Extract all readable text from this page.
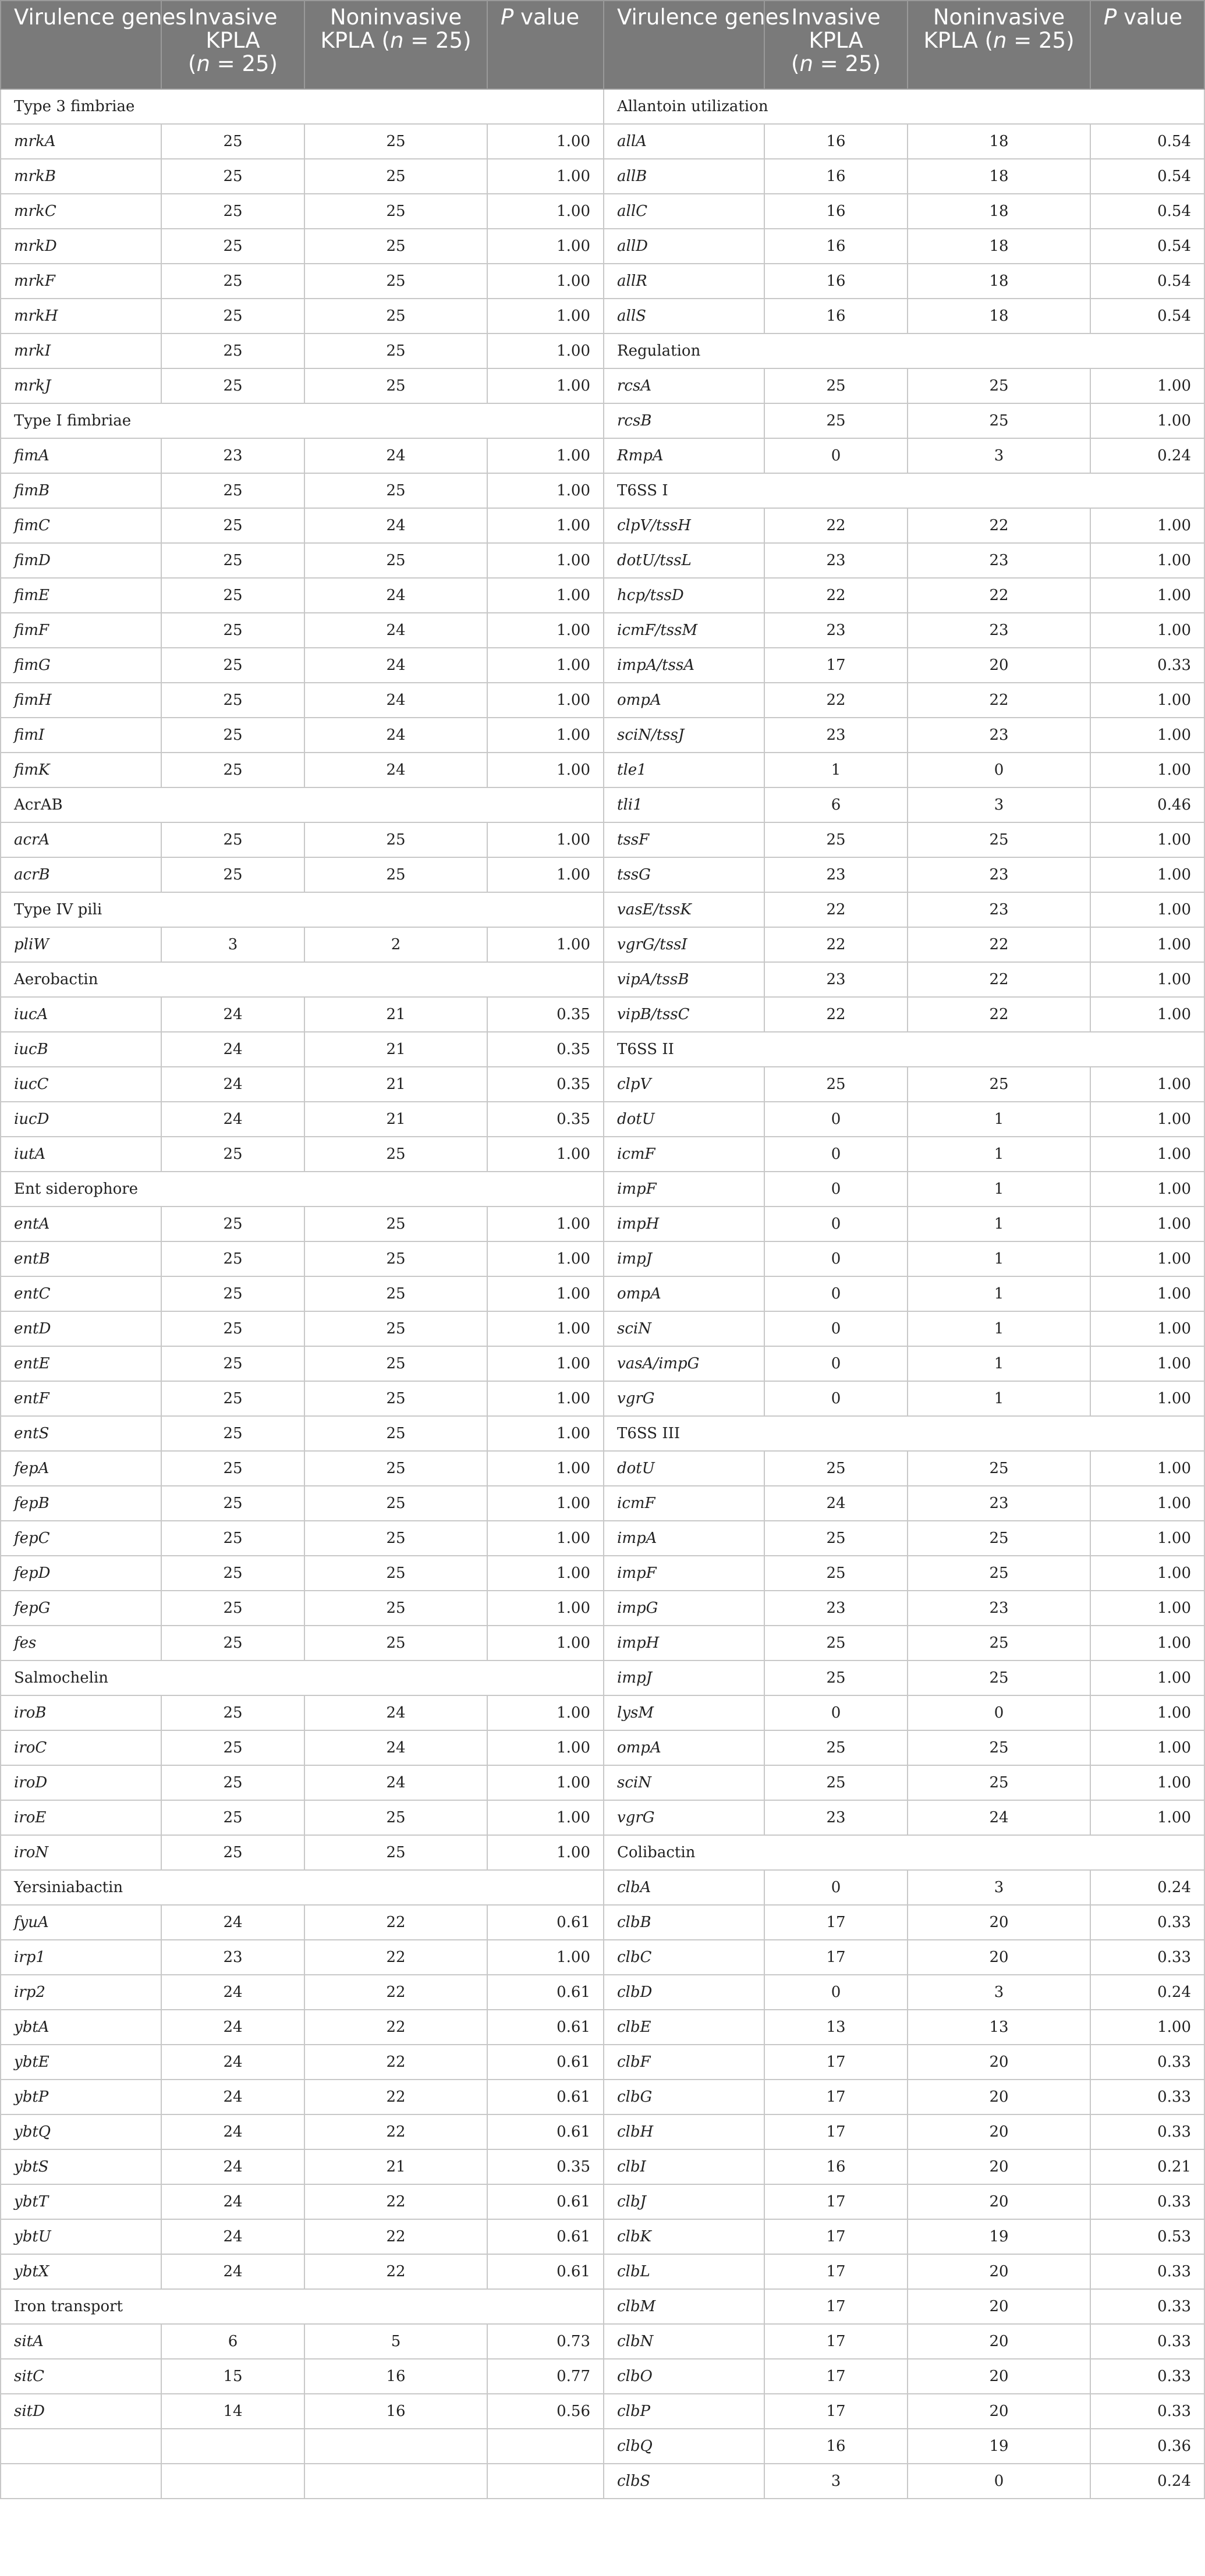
Virulence genes	Invasive
KPLA
(n = 25)	Noninvasive
KPLA (n = 25)	P value	Virulence genes	Invasive
KPLA
(n = 25)	Noninvasive
KPLA (n = 25)	P value
Type 3 fimbriae				Allantoin utilization			
mrkA	25	25	1.00	allA	16	18	0.54
mrkB	25	25	1.00	allB	16	18	0.54
mrkC	25	25	1.00	allC	16	18	0.54
mrkD	25	25	1.00	allD	16	18	0.54
mrkF	25	25	1.00	allR	16	18	0.54
mrkH	25	25	1.00	allS	16	18	0.54
mrkI	25	25	1.00	Regulation			
mrkJ	25	25	1.00	rcsA	25	25	1.00
Type I fimbriae				rcsB	25	25	1.00
fimA	23	24	1.00	RmpA	0	3	0.24
fimB	25	25	1.00	T6SS I			
fimC	25	24	1.00	clpV/tssH	22	22	1.00
fimD	25	25	1.00	dotU/tssL	23	23	1.00
fimE	25	24	1.00	hcp/tssD	22	22	1.00
fimF	25	24	1.00	icmF/tssM	23	23	1.00
fimG	25	24	1.00	impA/tssA	17	20	0.33
fimH	25	24	1.00	ompA	22	22	1.00
fimI	25	24	1.00	sciN/tssJ	23	23	1.00
fimK	25	24	1.00	tle1	1	0	1.00
AcrAB				tli1	6	3	0.46
acrA	25	25	1.00	tssF	25	25	1.00
acrB	25	25	1.00	tssG	23	23	1.00
Type IV pili				vasE/tssK	22	23	1.00
pliW	3	2	1.00	vgrG/tssI	22	22	1.00
Aerobactin				vipA/tssB	23	22	1.00
iucA	24	21	0.35	vipB/tssC	22	22	1.00
iucB	24	21	0.35	T6SS II			
iucC	24	21	0.35	clpV	25	25	1.00
iucD	24	21	0.35	dotU	0	1	1.00
iutA	25	25	1.00	icmF	0	1	1.00
Ent siderophore				impF	0	1	1.00
entA	25	25	1.00	impH	0	1	1.00
entB	25	25	1.00	impJ	0	1	1.00
entC	25	25	1.00	ompA	0	1	1.00
entD	25	25	1.00	sciN	0	1	1.00
entE	25	25	1.00	vasA/impG	0	1	1.00
entF	25	25	1.00	vgrG	0	1	1.00
entS	25	25	1.00	T6SS III			
fepA	25	25	1.00	dotU	25	25	1.00
fepB	25	25	1.00	icmF	24	23	1.00
fepC	25	25	1.00	impA	25	25	1.00
fepD	25	25	1.00	impF	25	25	1.00
fepG	25	25	1.00	impG	23	23	1.00
fes	25	25	1.00	impH	25	25	1.00
Salmochelin				impJ	25	25	1.00
iroB	25	24	1.00	lysM	0	0	1.00
iroC	25	24	1.00	ompA	25	25	1.00
iroD	25	24	1.00	sciN	25	25	1.00
iroE	25	25	1.00	vgrG	23	24	1.00
iroN	25	25	1.00	Colibactin			
Yersiniabactin				clbA	0	3	0.24
fyuA	24	22	0.61	clbB	17	20	0.33
irp1	23	22	1.00	clbC	17	20	0.33
irp2	24	22	0.61	clbD	0	3	0.24
ybtA	24	22	0.61	clbE	13	13	1.00
ybtE	24	22	0.61	clbF	17	20	0.33
ybtP	24	22	0.61	clbG	17	20	0.33
ybtQ	24	22	0.61	clbH	17	20	0.33
ybtS	24	21	0.35	clbI	16	20	0.21
ybtT	24	22	0.61	clbJ	17	20	0.33
ybtU	24	22	0.61	clbK	17	19	0.53
ybtX	24	22	0.61	clbL	17	20	0.33
Iron transport				clbM	17	20	0.33
sitA	6	5	0.73	clbN	17	20	0.33
sitC	15	16	0.77	clbO	17	20	0.33
sitD	14	16	0.56	clbP	17	20	0.33
				clbQ	16	19	0.36
				clbS	3	0	0.24
